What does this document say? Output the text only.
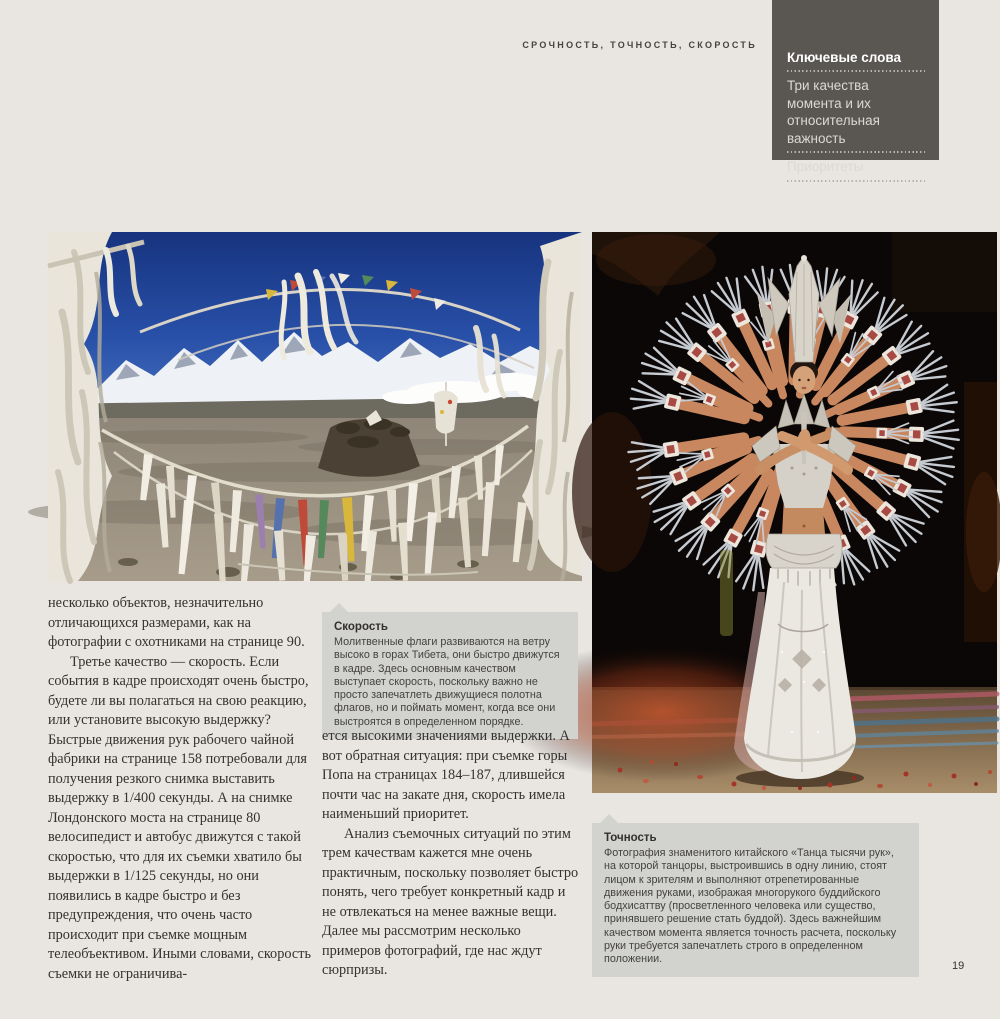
СРОЧНОСТЬ, ТОЧНОСТЬ, СКОРОСТЬ
Ключевые слова
Три качества момента и их относительная важность
Приоритеты

несколько объектов, незначительно отличающихся размерами, как на фотографии с охотниками на странице 90.

Третье качество — скорость. Если события в кадре происходят очень быстро, будете ли вы полагаться на свою реакцию, или установите высокую выдержку? Быстрые движения рук рабочего чайной фабрики на странице 158 потребовали для получения резкого снимка выставить выдержку в 1/400 секунды. А на снимке Лондонского моста на странице 80 велосипедист и автобус движутся с такой скоростью, что для их съемки хватило бы выдержки в 1/125 секунды, но они появились в кадре быстро и без предупреждения, что очень часто происходит при съемке мощным телеобъективом. Иными словами, скорость съемки не ограничива-

Скорость
Молитвенные флаги развиваются на ветру высоко в горах Тибета, они быстро движутся в кадре. Здесь основным качеством выступает скорость, поскольку важно не просто запечатлеть движущиеся полотна флагов, но и поймать момент, когда все они выстроятся в определенном порядке.

ется высокими значениями выдержки. А вот обратная ситуация: при съемке горы Попа на страницах 184–187, длившейся почти час на закате дня, скорость имела наименьший приоритет.

Анализ съемочных ситуаций по этим трем качествам кажется мне очень практичным, поскольку позволяет быстро понять, чего требует конкретный кадр и не отвлекаться на менее важные вещи. Далее мы рассмотрим несколько примеров фотографий, где нас ждут сюрпризы.

Точность
Фотография знаменитого китайского «Танца тысячи рук», на которой танцоры, выстроившись в одну линию, стоят лицом к зрителям и выполняют отрепетированные движения руками, изображая многорукого буддийского бодхисаттву (просветленного человека или существо, принявшего решение стать буддой). Здесь важнейшим качеством момента является точность расчета, поскольку руки требуется запечатлеть строго в определенном положении.
19
